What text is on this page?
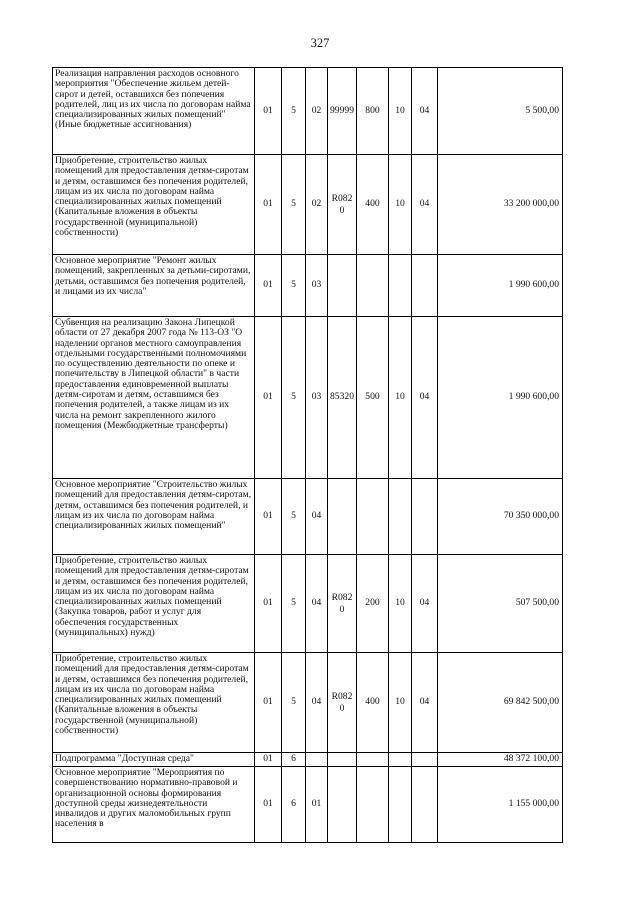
327
Реализация направления расходов основного мероприятия "Обеспечение жильем детей-сирот и детей, оставшихся без попечения родителей, лиц из их числа по договорам найма специализированных жилых помещений" (Иные бюджетные ассигнования)	01	5	02	99999	800	10	04	5 500,00
Приобретение, строительство жилых помещений для предоставления детям-сиротам и детям, оставшимся без попечения родителей, лицам из их числа по договорам найма специализированных жилых помещений (Капитальные вложения в объекты государственной (муниципальной) собственности)	01	5	02	R082 0	400	10	04	33 200 000,00
Основное мероприятие "Ремонт жилых помещений, закрепленных за детьми-сиротами, детьми, оставшимся без попечения родителей, и лицами из их числа"	01	5	03					1 990 600,00
Субвенция на реализацию Закона Липецкой области от 27 декабря 2007 года № 113-ОЗ "О наделении органов местного самоуправления отдельными государственными полномочиями по осуществлению деятельности по опеке и попечительству в Липецкой области" в части предоставления единовременной выплаты детям-сиротам и детям, оставшимся без попечения родителей, а также лицам из их числа на ремонт закрепленного жилого помещения (Межбюджетные трансферты)	01	5	03	85320	500	10	04	1 990 600,00
Основное мероприятие "Строительство жилых помещений для предоставления детям-сиротам, детям, оставшимся без попечения родителей, и лицам из их числа по договорам найма специализированных жилых помещений"	01	5	04					70 350 000,00
Приобретение, строительство жилых помещений для предоставления детям-сиротам и детям, оставшимся без попечения родителей, лицам из их числа по договорам найма специализированных жилых помещений (Закупка товаров, работ и услуг для обеспечения государственных (муниципальных) нужд)	01	5	04	R082 0	200	10	04	507 500,00
Приобретение, строительство жилых помещений для предоставления детям-сиротам и детям, оставшимся без попечения родителей, лицам из их числа по договорам найма специализированных жилых помещений (Капитальные вложения в объекты государственной (муниципальной) собственности)	01	5	04	R082 0	400	10	04	69 842 500,00
Подпрограмма "Доступная среда"	01	6						48 372 100,00
Основное мероприятие "Мероприятия по совершенствованию нормативно-правовой и организационной основы формирования доступной среды жизнедеятельности инвалидов и других маломобильных групп населения в	01	6	01					1 155 000,00
